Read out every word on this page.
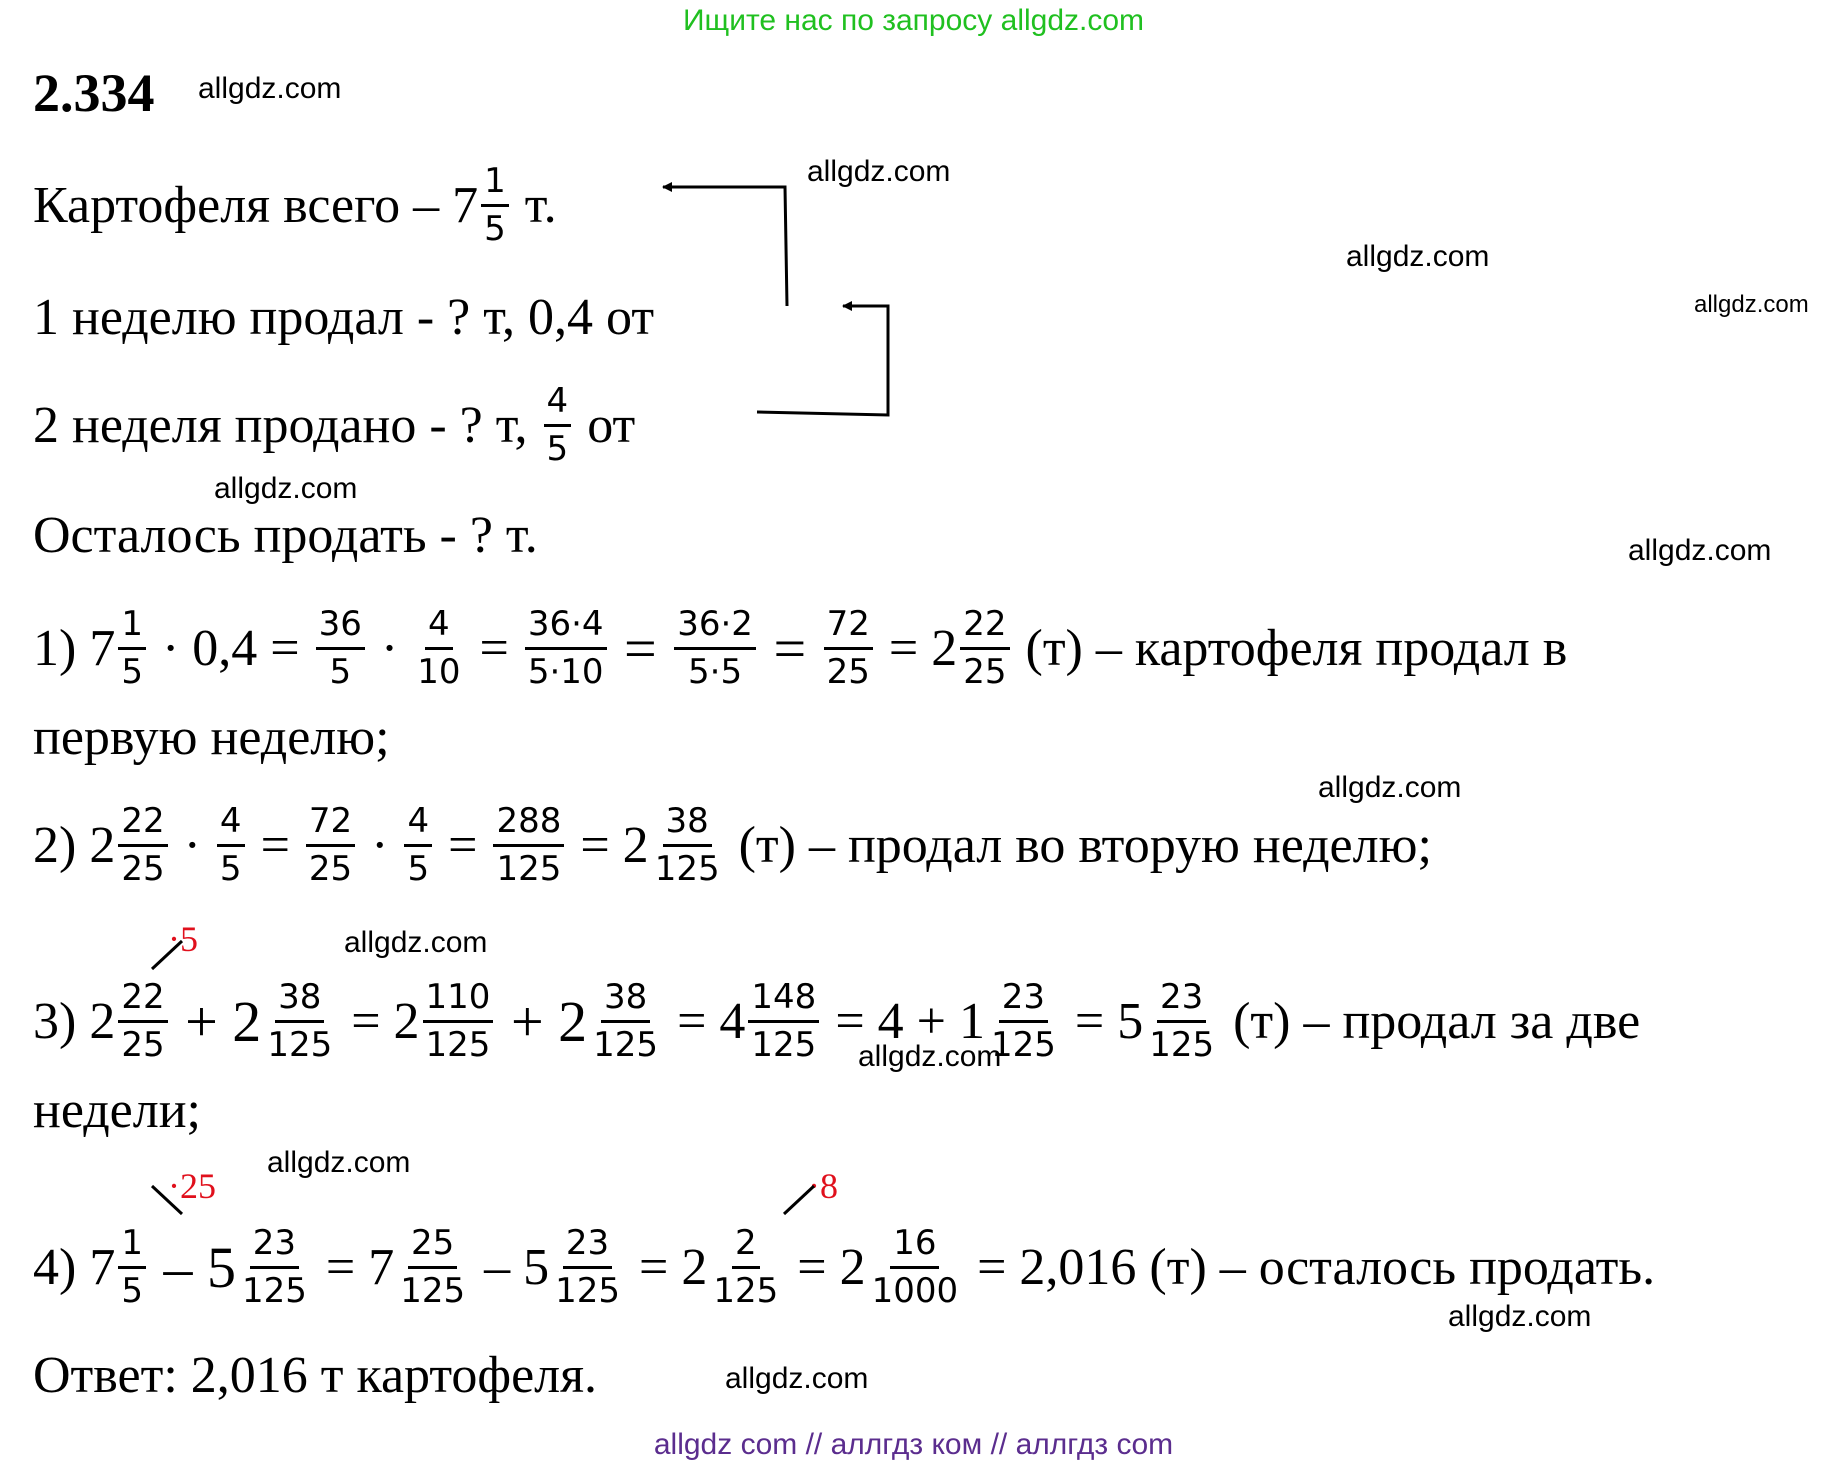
Ищите нас по запросу allgdz.com
2.334 allgdz.com
allgdz.com
allgdz.com
allgdz.com
allgdz.com
allgdz.com
allgdz.com
allgdz.com
allgdz.com
allgdz.com
allgdz.com
allgdz.com
Картофеля всего – 7 1
5 т.
1 неделю продал - ? т, 0,4 от
2 неделя продано - ? т, 4
5 от
Осталось продать - ? т.
1) 7 1
$5 \cdot 0,4 = \frac{36}{5} \cdot \frac{4}{10} = \frac{36\cdot 4}{5\cdot 10} = \frac{36\cdot 2}{5\cdot 5} = \frac{72}{25} = 2$ 22
25 (т) – картофеля продал в
первую неделю;
2) 2 22
$25 \cdot \frac{4}{5} = \frac{72}{25} \cdot \frac{4}{5} = \frac{288}{125} = 2$ 38
125 (т) – продал во вторую неделю;
·5
3) 2 22
$25 + 2 \frac{38}{125} = 2$ 110
$125 + 2 \frac{38}{125} = 4 \frac{148}{125} = 4 + 1 \frac{23}{125} = 5$ 23
125 (т) – продал за две
недели;
·25	·8
4) 7 1
$5 - 5 \frac{23}{125} = 7$ 25
$125 - 5 \frac{23}{125} = 2 \frac{2}{125} = 2 \frac{16}{1000} = 2,016$ (т) – осталось продать.
Ответ: 2,016 т картофеля.
allgdz com // аллгдз ком // аллгдз com
